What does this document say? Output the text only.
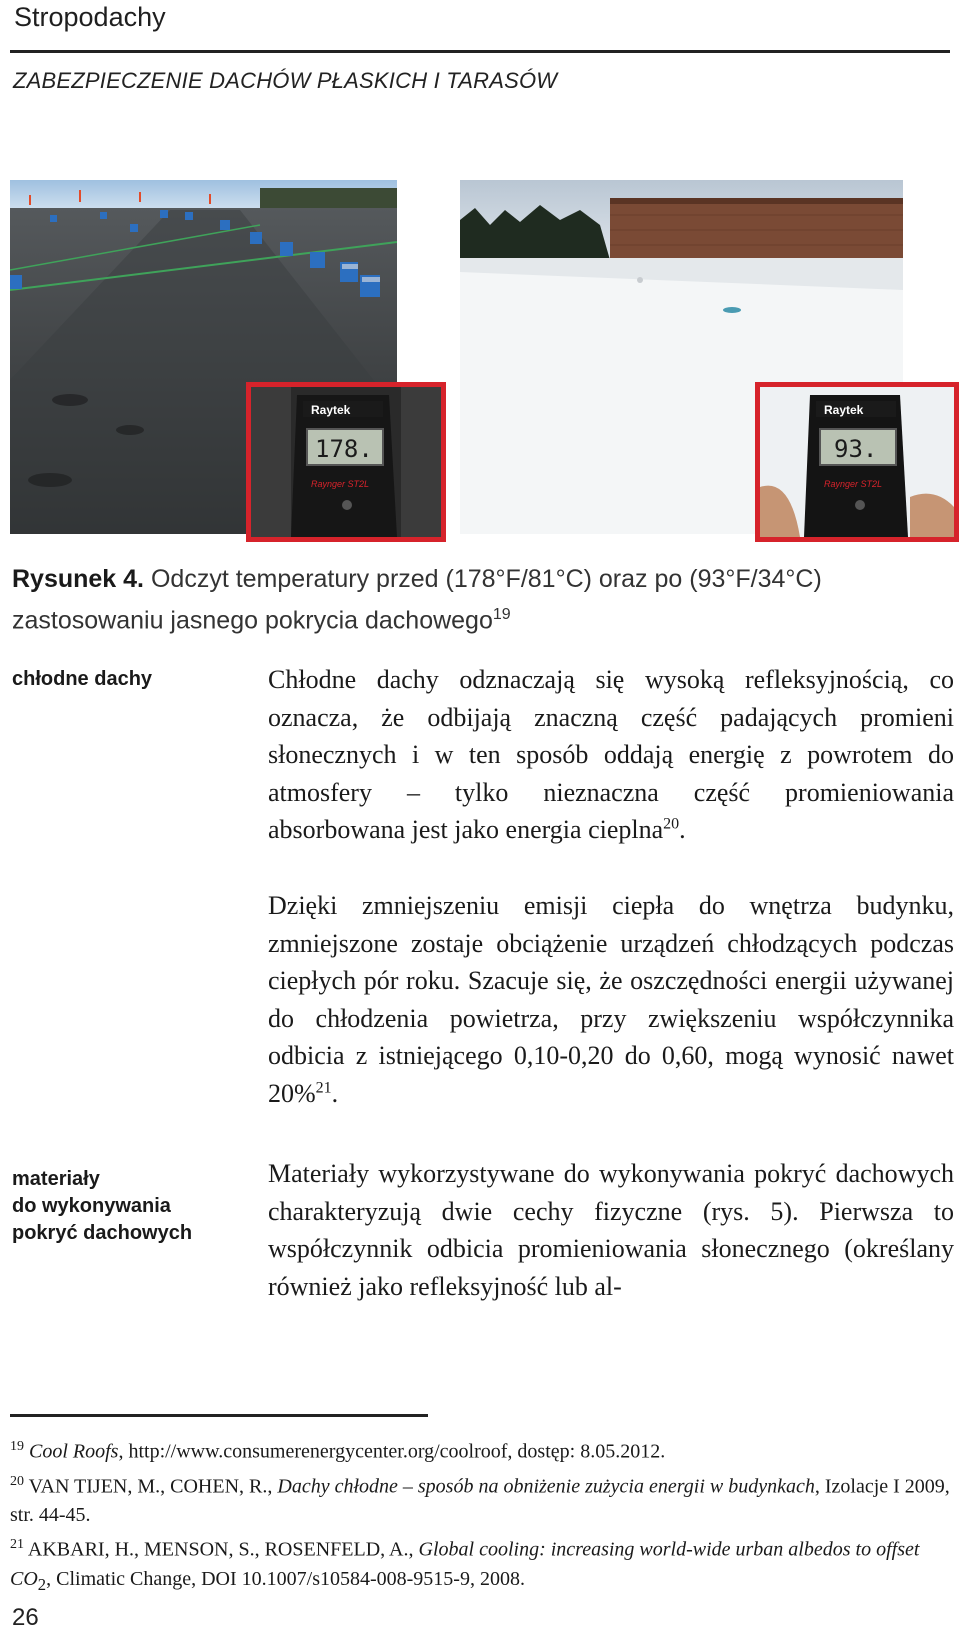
Stropodachy
ZABEZPIECZENIE DACHÓW PŁASKICH I TARASÓW
Raytek
178.
Raynger ST2L
Raytek
93.
Raynger ST2L
Rysunek 4. Odczyt temperatury przed (178°F/81°C) oraz po (93°F/34°C)
zastosowaniu jasnego pokrycia dachowego$^{19}$
chłodne dachy	Chłodne dachy odznaczają się wysoką refleksyjnością, co oznacza, że odbijają znaczną część padających promieni słonecznych i w ten sposób oddają energię z powrotem do atmosfery – tylko nieznaczna część promieniowania absorbowana jest jako energia cieplna$^{20}$.
Dzięki zmniejszeniu emisji ciepła do wnętrza budynku, zmniejszone zostaje obciążenie urządzeń chłodzących podczas ciepłych pór roku. Szacuje się, że oszczędności energii używanej do chłodzenia powietrza, przy zwiększeniu współczynnika odbicia z istniejącego 0,10-0,20 do 0,60, mogą wynosić nawet 20%$^{21}$.
materiały
do wykonywania
pokryć dachowych
Materiały wykorzystywane do wykonywania pokryć dachowych charakteryzują dwie cechy fizyczne (rys. 5). Pierwsza to współczynnik odbicia promieniowania słonecznego (określany również jako refleksyjność lub al-

$^{19}$ Cool Roofs, http://www.consumerenergycenter.org/coolroof, dostęp: 8.05.2012.

$^{20}$ VAN TIJEN, M., COHEN, R., Dachy chłodne – sposób na obniżenie zużycia energii w budynkach, Izolacje I 2009, str. 44-45.

$^{21}$ AKBARI, H., MENSON, S., ROSENFELD, A., Global cooling: increasing world-wide urban albedos to offset $CO_2$, Climatic Change, DOI 10.1007/s10584-008-9515-9, 2008.

26
